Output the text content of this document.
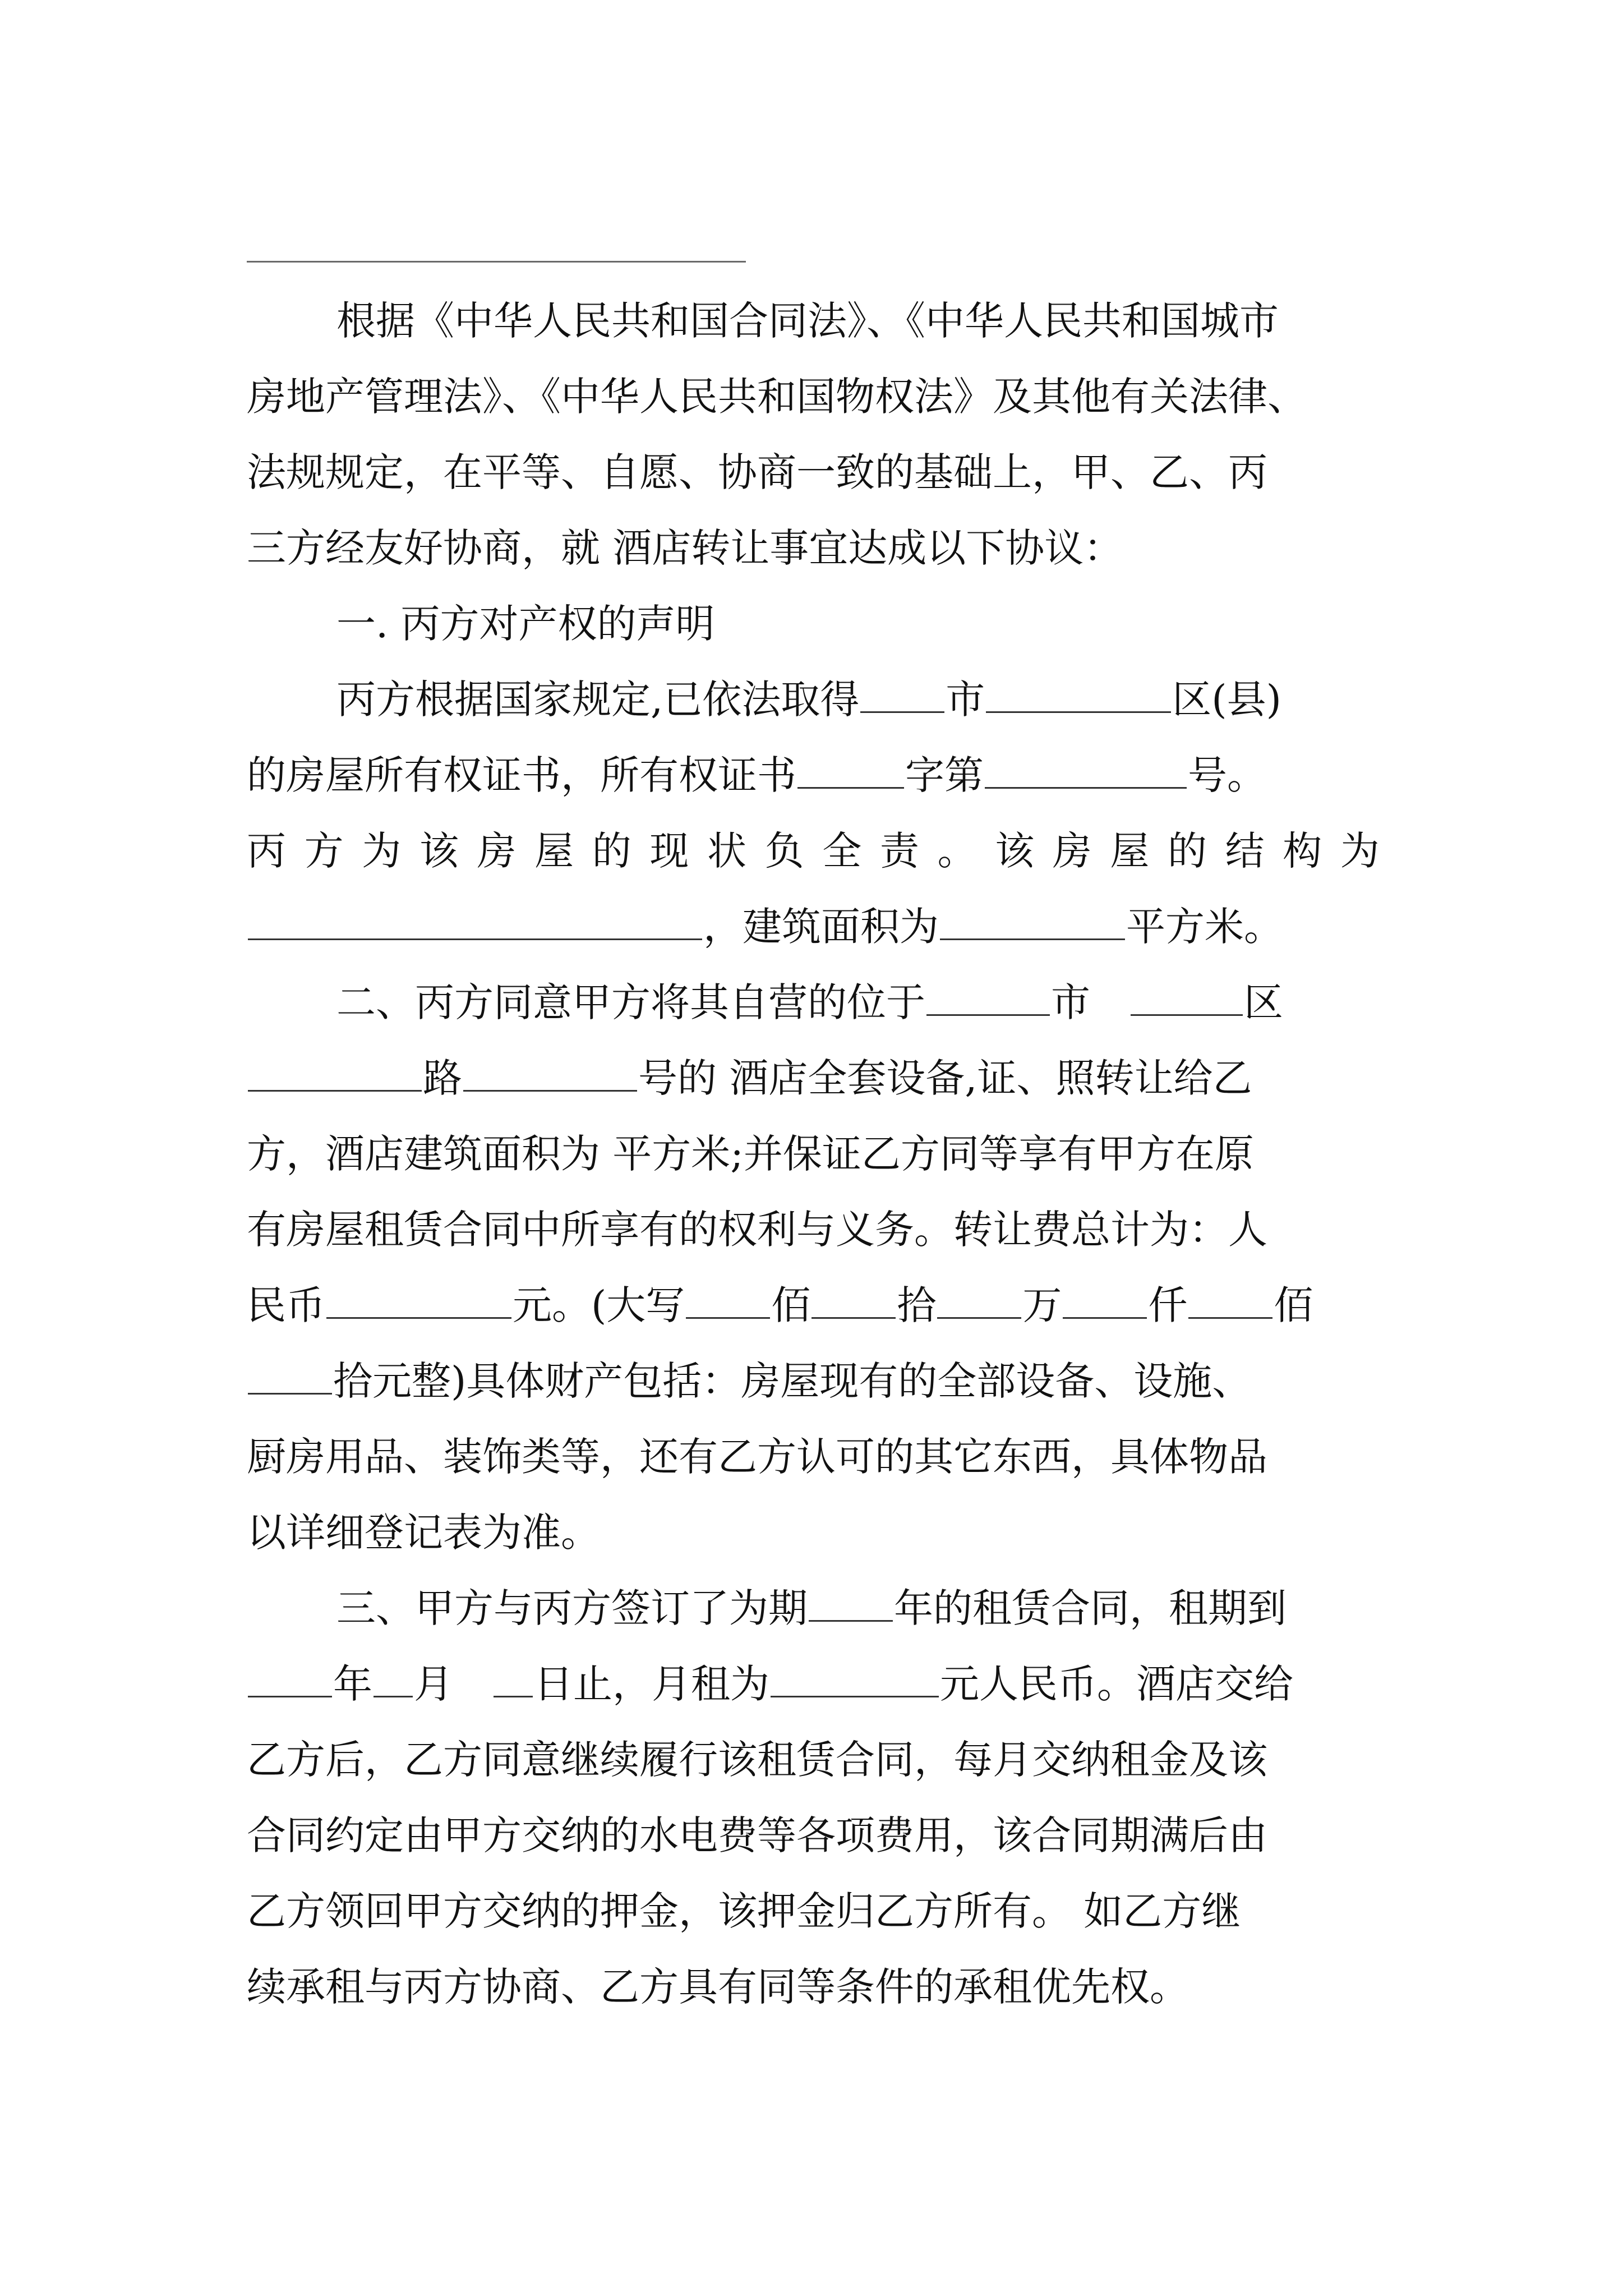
根据《中华人民共和国合同法》、《中华人民共和国城市
房地产管理法》、《中华人民共和国物权法》及其他有关法律、
法规规定，在平等、自愿、协商一致的基础上，甲、乙、丙
三方经友好协商，就 酒店转让事宜达成以下协议：
一. 丙方对产权的声明
丙方根据国家规定,已依法取得 市	区(县)
的房屋所有权证书，所有权证书	字第	号。
丙 方 为 该 房 屋 的 现 状 负 全 责 。 该 房 屋 的 结 构 为
，建筑面积为	平方米。
二、丙方同意甲方将其自营的位于	市　	区
路	号的 酒店全套设备,证、照转让给乙
方，酒店建筑面积为 平方米;并保证乙方同等享有甲方在原
有房屋租赁合同中所享有的权利与义务。转让费总计为：人
民币	元。(大写 佰 拾 万 仟 佰
拾元整)具体财产包括：房屋现有的全部设备、设施、
厨房用品、装饰类等，还有乙方认可的其它东西，具体物品
以详细登记表为准。
三、甲方与丙方签订了为期 年的租赁合同，租期到
年 月　 日止，月租为	元人民币。酒店交给
乙方后，乙方同意继续履行该租赁合同，每月交纳租金及该
合同约定由甲方交纳的水电费等各项费用，该合同期满后由
乙方领回甲方交纳的押金，该押金归乙方所有。 如乙方继
续承租与丙方协商、乙方具有同等条件的承租优先权。
